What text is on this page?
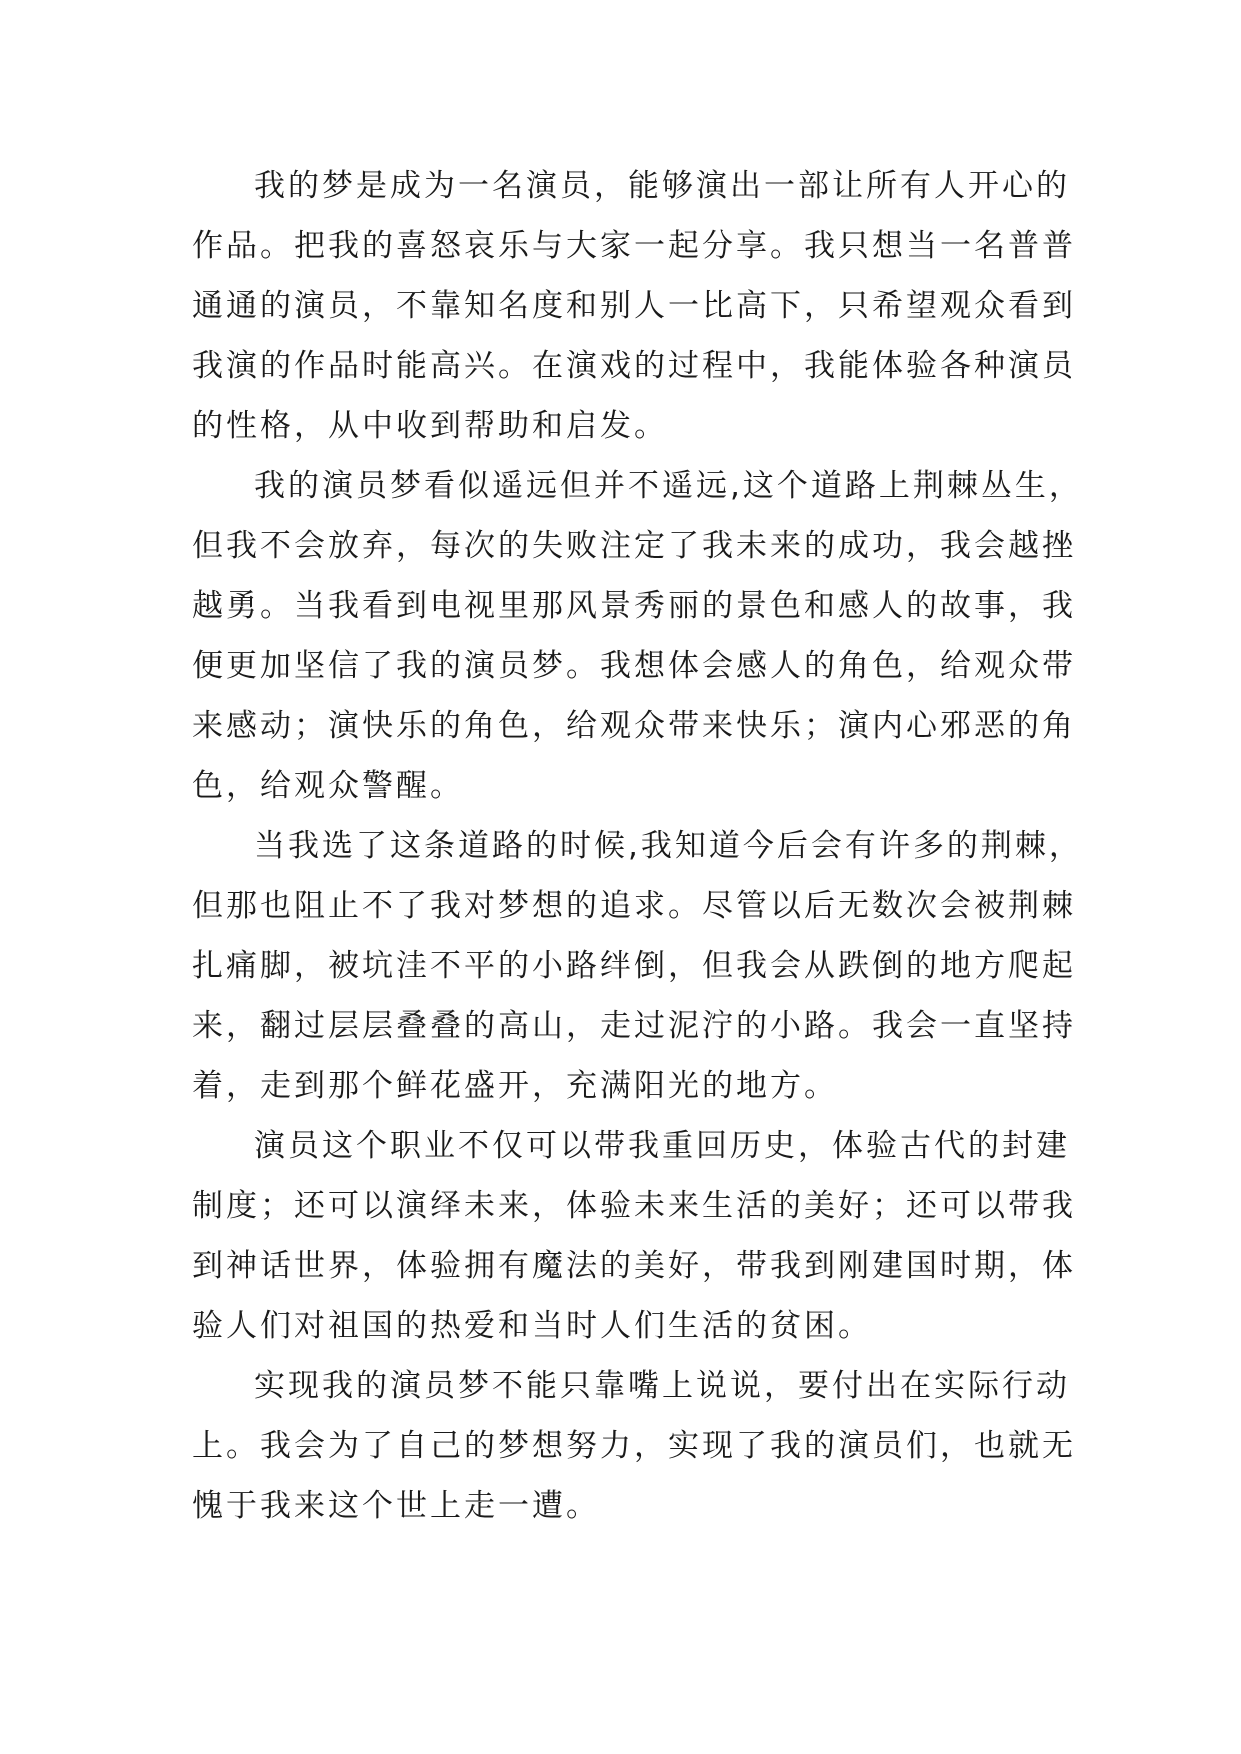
我的梦是成为一名演员，能够演出一部让所有人开心的
作品。把我的喜怒哀乐与大家一起分享。我只想当一名普普
通通的演员，不靠知名度和别人一比高下，只希望观众看到
我演的作品时能高兴。在演戏的过程中，我能体验各种演员
的性格，从中收到帮助和启发。
我的演员梦看似遥远但并不遥远,这个道路上荆棘丛生，
但我不会放弃，每次的失败注定了我未来的成功，我会越挫
越勇。当我看到电视里那风景秀丽的景色和感人的故事，我
便更加坚信了我的演员梦。我想体会感人的角色，给观众带
来感动；演快乐的角色，给观众带来快乐；演内心邪恶的角
色，给观众警醒。
当我选了这条道路的时候,我知道今后会有许多的荆棘，
但那也阻止不了我对梦想的追求。尽管以后无数次会被荆棘
扎痛脚，被坑洼不平的小路绊倒，但我会从跌倒的地方爬起
来，翻过层层叠叠的高山，走过泥泞的小路。我会一直坚持
着，走到那个鲜花盛开，充满阳光的地方。
演员这个职业不仅可以带我重回历史，体验古代的封建
制度；还可以演绎未来，体验未来生活的美好；还可以带我
到神话世界，体验拥有魔法的美好，带我到刚建国时期，体
验人们对祖国的热爱和当时人们生活的贫困。
实现我的演员梦不能只靠嘴上说说，要付出在实际行动
上。我会为了自己的梦想努力，实现了我的演员们，也就无
愧于我来这个世上走一遭。
